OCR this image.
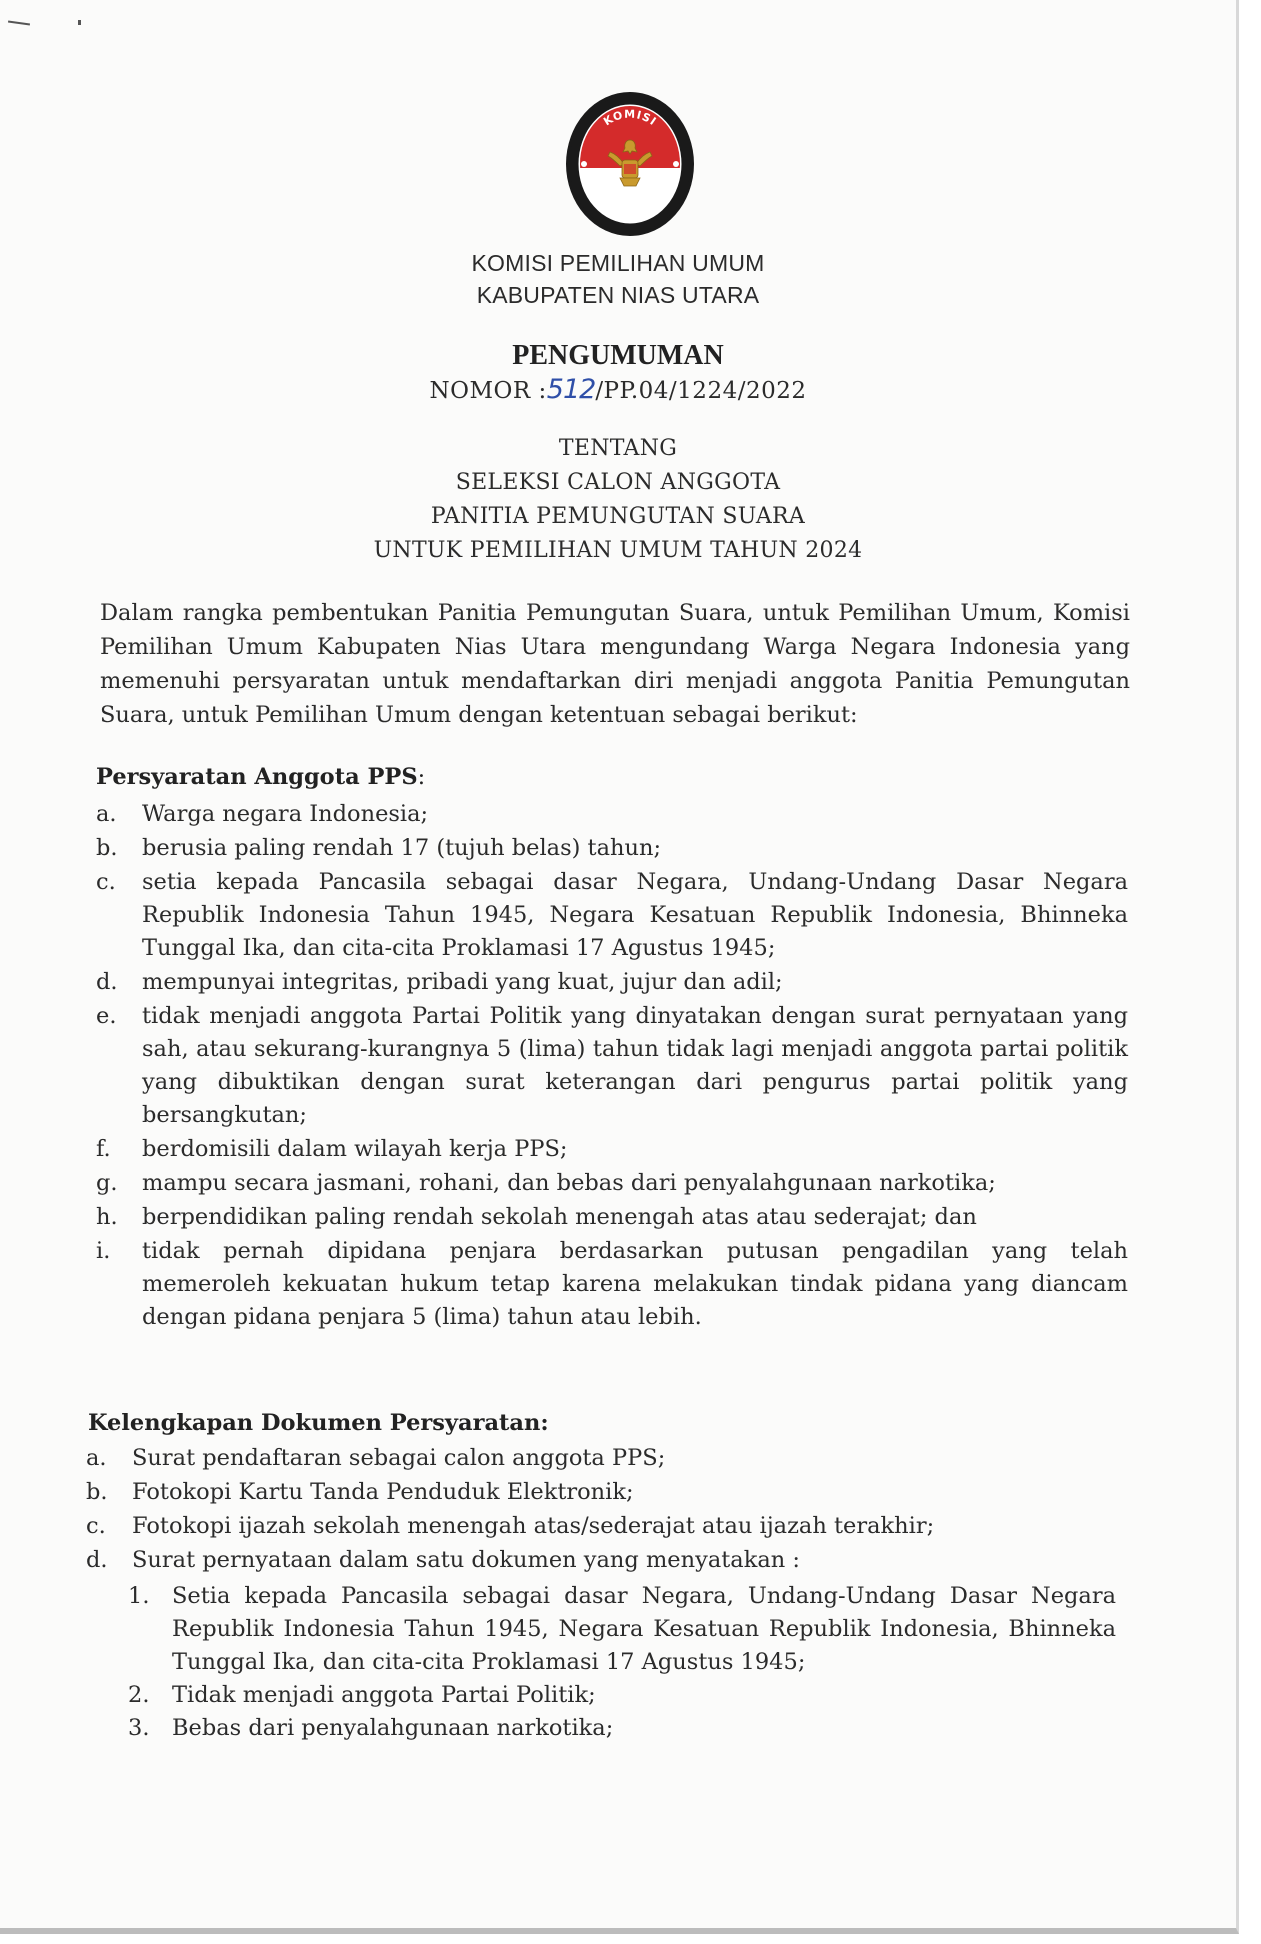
KOMISI
PEMILIHAN UMUM
KOMISI PEMILIHAN UMUM
KABUPATEN NIAS UTARA
PENGUMUMAN
NOMOR :512/PP.04/1224/2022
TENTANG
SELEKSI CALON ANGGOTA
PANITIA PEMUNGUTAN SUARA
UNTUK PEMILIHAN UMUM TAHUN 2024
Dalam rangka pembentukan Panitia Pemungutan Suara, untuk Pemilihan Umum, Komisi Pemilihan Umum Kabupaten Nias Utara mengundang Warga Negara Indonesia yang memenuhi persyaratan untuk mendaftarkan diri menjadi anggota Panitia Pemungutan Suara, untuk Pemilihan Umum dengan ketentuan sebagai berikut:
Persyaratan Anggota PPS:
a. Warga negara Indonesia;
b. berusia paling rendah 17 (tujuh belas) tahun;
c. setia kepada Pancasila sebagai dasar Negara, Undang-Undang Dasar Negara Republik Indonesia Tahun 1945, Negara Kesatuan Republik Indonesia, Bhinneka Tunggal Ika, dan cita-cita Proklamasi 17 Agustus 1945;
d. mempunyai integritas, pribadi yang kuat, jujur dan adil;
e. tidak menjadi anggota Partai Politik yang dinyatakan dengan surat pernyataan yang sah, atau sekurang-kurangnya 5 (lima) tahun tidak lagi menjadi anggota partai politik yang dibuktikan dengan surat keterangan dari pengurus partai politik yang bersangkutan;
f. berdomisili dalam wilayah kerja PPS;
g. mampu secara jasmani, rohani, dan bebas dari penyalahgunaan narkotika;
h. berpendidikan paling rendah sekolah menengah atas atau sederajat; dan
i. tidak pernah dipidana penjara berdasarkan putusan pengadilan yang telah memeroleh kekuatan hukum tetap karena melakukan tindak pidana yang diancam dengan pidana penjara 5 (lima) tahun atau lebih.
Kelengkapan Dokumen Persyaratan:
a. Surat pendaftaran sebagai calon anggota PPS;
b. Fotokopi Kartu Tanda Penduduk Elektronik;
c. Fotokopi ijazah sekolah menengah atas/sederajat atau ijazah terakhir;
d. Surat pernyataan dalam satu dokumen yang menyatakan :
1. Setia kepada Pancasila sebagai dasar Negara, Undang-Undang Dasar Negara Republik Indonesia Tahun 1945, Negara Kesatuan Republik Indonesia, Bhinneka Tunggal Ika, dan cita-cita Proklamasi 17 Agustus 1945;
2. Tidak menjadi anggota Partai Politik;
3. Bebas dari penyalahgunaan narkotika;
